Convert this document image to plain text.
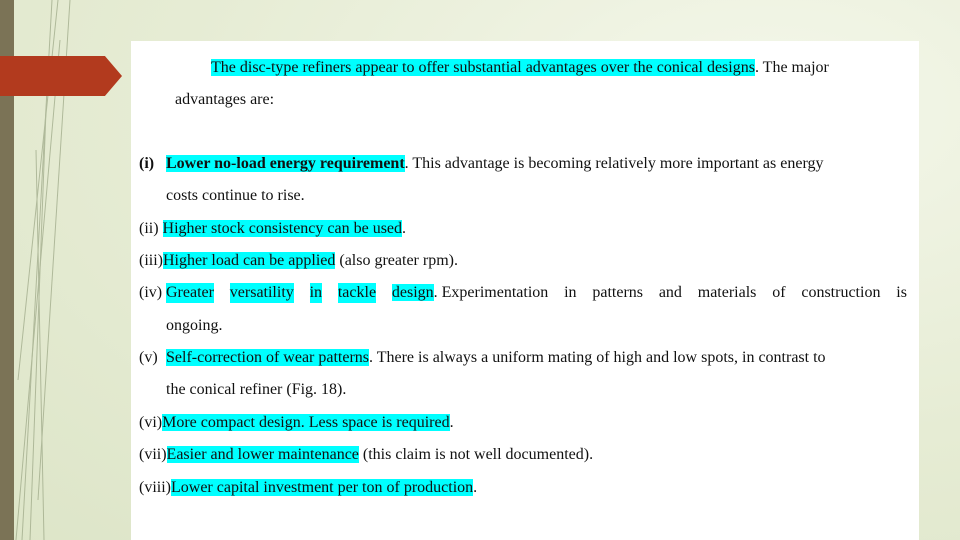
The disc-type refiners appear to offer substantial advantages over the conical designs. The major
advantages are:
(i) Lower no-load energy requirement. This advantage is becoming relatively more important as energy
costs continue to rise.
(ii) Higher stock consistency can be used.
(iii)Higher load can be applied (also greater rpm).
(iv) Greater versatility in tackle design. Experimentation in patterns and materials of construction is
ongoing.
(v) Self-correction of wear patterns. There is always a uniform mating of high and low spots, in contrast to
the conical refiner (Fig. 18).
(vi)More compact design. Less space is required.
(vii)Easier and lower maintenance (this claim is not well documented).
(viii)Lower capital investment per ton of production.
